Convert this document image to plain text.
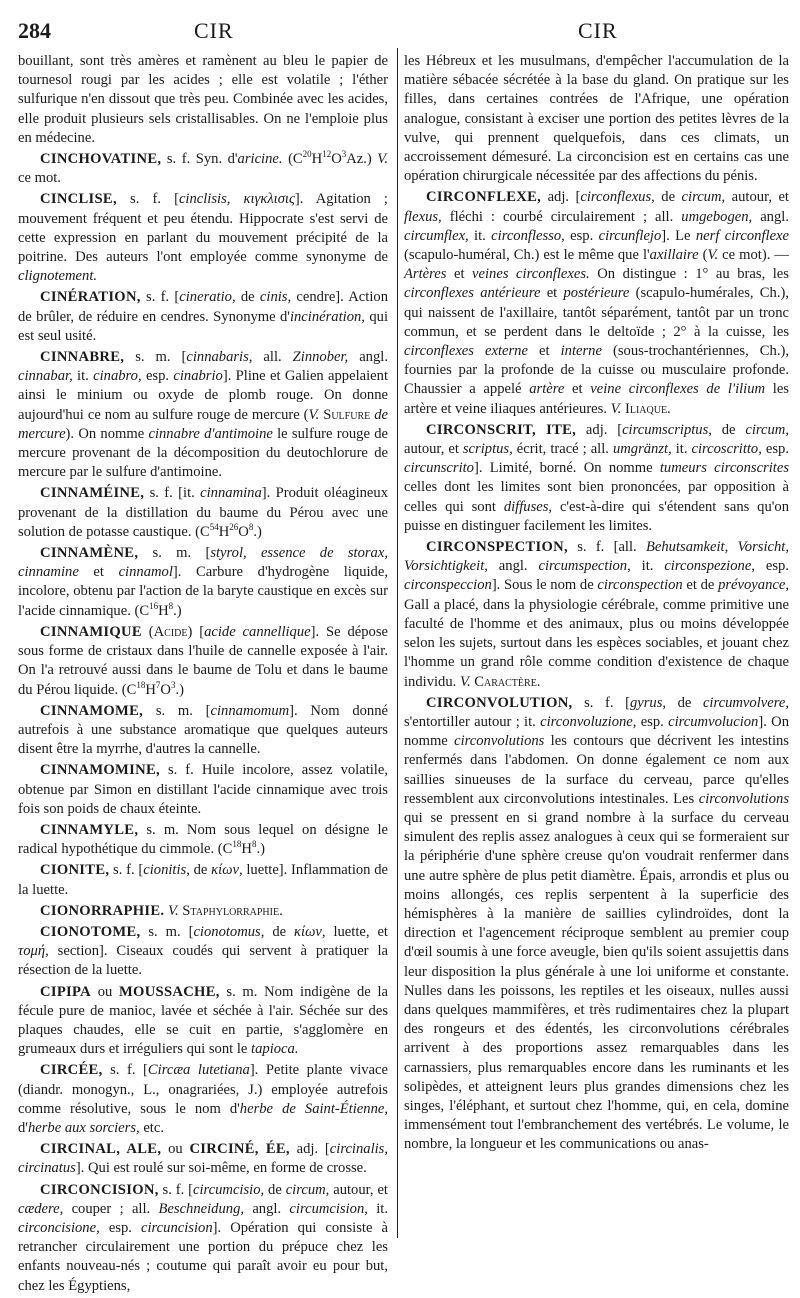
284	CIR	CIR

bouillant, sont très amères et ramènent au bleu le papier de tournesol rougi par les acides ; elle est volatile ; l'éther sulfurique n'en dissout que très peu. Combinée avec les acides, elle produit plusieurs sels cristallisables. On ne l'emploie plus en médecine.

CINCHOVATINE, s. f. Syn. d'aricine. $(C^{20}H^{12}O^3Az.)$ V. ce mot.

CINCLISE, s. f. [cinclisis, κιγκλισις]. Agitation ; mouvement fréquent et peu étendu. Hippocrate s'est servi de cette expression en parlant du mouvement précipité de la poitrine. Des auteurs l'ont employée comme synonyme de clignotement.

CINÉRATION, s. f. [cineratio, de cinis, cendre]. Action de brûler, de réduire en cendres. Synonyme d'incinération, qui est seul usité.

CINNABRE, s. m. [cinnabaris, all. Zinnober, angl. cinnabar, it. cinabro, esp. cinabrio]. Pline et Galien appelaient ainsi le minium ou oxyde de plomb rouge. On donne aujourd'hui ce nom au sulfure rouge de mercure (V. Sulfure de mercure). On nomme cinnabre d'antimoine le sulfure rouge de mercure provenant de la décomposition du deutochlorure de mercure par le sulfure d'antimoine.

CINNAMÉINE, s. f. [it. cinnamina]. Produit oléagineux provenant de la distillation du baume du Pérou avec une solution de potasse caustique. $(C^{54}H^{26}O^8.)$

CINNAMÈNE, s. m. [styrol, essence de storax, cinnamine et cinnamol]. Carbure d'hydrogène liquide, incolore, obtenu par l'action de la baryte caustique en excès sur l'acide cinnamique. $(C^{16}H^8.)$

CINNAMIQUE (Acide) [acide cannellique]. Se dépose sous forme de cristaux dans l'huile de cannelle exposée à l'air. On l'a retrouvé aussi dans le baume de Tolu et dans le baume du Pérou liquide. $(C^{18}H^7O^3.)$

CINNAMOME, s. m. [cinnamomum]. Nom donné autrefois à une substance aromatique que quelques auteurs disent être la myrrhe, d'autres la cannelle.

CINNAMOMINE, s. f. Huile incolore, assez volatile, obtenue par Simon en distillant l'acide cinnamique avec trois fois son poids de chaux éteinte.

CINNAMYLE, s. m. Nom sous lequel on désigne le radical hypothétique du cimmole. $(C^{18}H^8.)$

CIONITE, s. f. [cionitis, de κίων, luette]. Inflammation de la luette.

CIONORRAPHIE. V. Staphylorraphie.

CIONOTOME, s. m. [cionotomus, de κίων, luette, et τομή, section]. Ciseaux coudés qui servent à pratiquer la résection de la luette.

CIPIPA ou MOUSSACHE, s. m. Nom indigène de la fécule pure de manioc, lavée et séchée à l'air. Séchée sur des plaques chaudes, elle se cuit en partie, s'agglomère en grumeaux durs et irréguliers qui sont le tapioca.

CIRCÉE, s. f. [Circæa lutetiana]. Petite plante vivace (diandr. monogyn., L., onagrariées, J.) employée autrefois comme résolutive, sous le nom d'herbe de Saint-Étienne, d'herbe aux sorciers, etc.

CIRCINAL, ALE, ou CIRCINÉ, ÉE, adj. [circinalis, circinatus]. Qui est roulé sur soi-même, en forme de crosse.

CIRCONCISION, s. f. [circumcisio, de circum, autour, et cædere, couper ; all. Beschneidung, angl. circumcision, it. circoncisione, esp. circuncision]. Opération qui consiste à retrancher circulairement une portion du prépuce chez les enfants nouveau-nés ; coutume qui paraît avoir eu pour but, chez les Égyptiens,

les Hébreux et les musulmans, d'empêcher l'accumulation de la matière sébacée sécrétée à la base du gland. On pratique sur les filles, dans certaines contrées de l'Afrique, une opération analogue, consistant à exciser une portion des petites lèvres de la vulve, qui prennent quelquefois, dans ces climats, un accroissement démesuré. La circoncision est en certains cas une opération chirurgicale nécessitée par des affections du pénis.

CIRCONFLEXE, adj. [circonflexus, de circum, autour, et flexus, fléchi : courbé circulairement ; all. umgebogen, angl. circumflex, it. circonflesso, esp. circunflejo]. Le nerf circonflexe (scapulo-huméral, Ch.) est le même que l'axillaire (V. ce mot). — Artères et veines circonflexes. On distingue : 1° au bras, les circonflexes antérieure et postérieure (scapulo-humérales, Ch.), qui naissent de l'axillaire, tantôt séparément, tantôt par un tronc commun, et se perdent dans le deltoïde ; 2° à la cuisse, les circonflexes externe et interne (sous-trochantériennes, Ch.), fournies par la profonde de la cuisse ou musculaire profonde. Chaussier a appelé artère et veine circonflexes de l'ilium les artère et veine iliaques antérieures. V. Iliaque.

CIRCONSCRIT, ITE, adj. [circumscriptus, de circum, autour, et scriptus, écrit, tracé ; all. umgränzt, it. circoscritto, esp. circunscrito]. Limité, borné. On nomme tumeurs circonscrites celles dont les limites sont bien prononcées, par opposition à celles qui sont diffuses, c'est-à-dire qui s'étendent sans qu'on puisse en distinguer facilement les limites.

CIRCONSPECTION, s. f. [all. Behutsamkeit, Vorsicht, Vorsichtigkeit, angl. circumspection, it. circonspezione, esp. circonspeccion]. Sous le nom de circonspection et de prévoyance, Gall a placé, dans la physiologie cérébrale, comme primitive une faculté de l'homme et des animaux, plus ou moins développée selon les sujets, surtout dans les espèces sociables, et jouant chez l'homme un grand rôle comme condition d'existence de chaque individu. V. Caractère.

CIRCONVOLUTION, s. f. [gyrus, de circumvolvere, s'entortiller autour ; it. circonvoluzione, esp. circumvolucion]. On nomme circonvolutions les contours que décrivent les intestins renfermés dans l'abdomen. On donne également ce nom aux saillies sinueuses de la surface du cerveau, parce qu'elles ressemblent aux circonvolutions intestinales. Les circonvolutions qui se pressent en si grand nombre à la surface du cerveau simulent des replis assez analogues à ceux qui se formeraient sur la périphérie d'une sphère creuse qu'on voudrait renfermer dans une autre sphère de plus petit diamètre. Épais, arrondis et plus ou moins allongés, ces replis serpentent à la superficie des hémisphères à la manière de saillies cylindroïdes, dont la direction et l'agencement réciproque semblent au premier coup d'œil soumis à une force aveugle, bien qu'ils soient assujettis dans leur disposition la plus générale à une loi uniforme et constante. Nulles dans les poissons, les reptiles et les oiseaux, nulles aussi dans quelques mammifères, et très rudimentaires chez la plupart des rongeurs et des édentés, les circonvolutions cérébrales arrivent à des proportions assez remarquables dans les carnassiers, plus remarquables encore dans les ruminants et les solipèdes, et atteignent leurs plus grandes dimensions chez les singes, l'éléphant, et surtout chez l'homme, qui, en cela, domine immensément tout l'embranchement des vertébrés. Le volume, le nombre, la longueur et les communications ou anas-
